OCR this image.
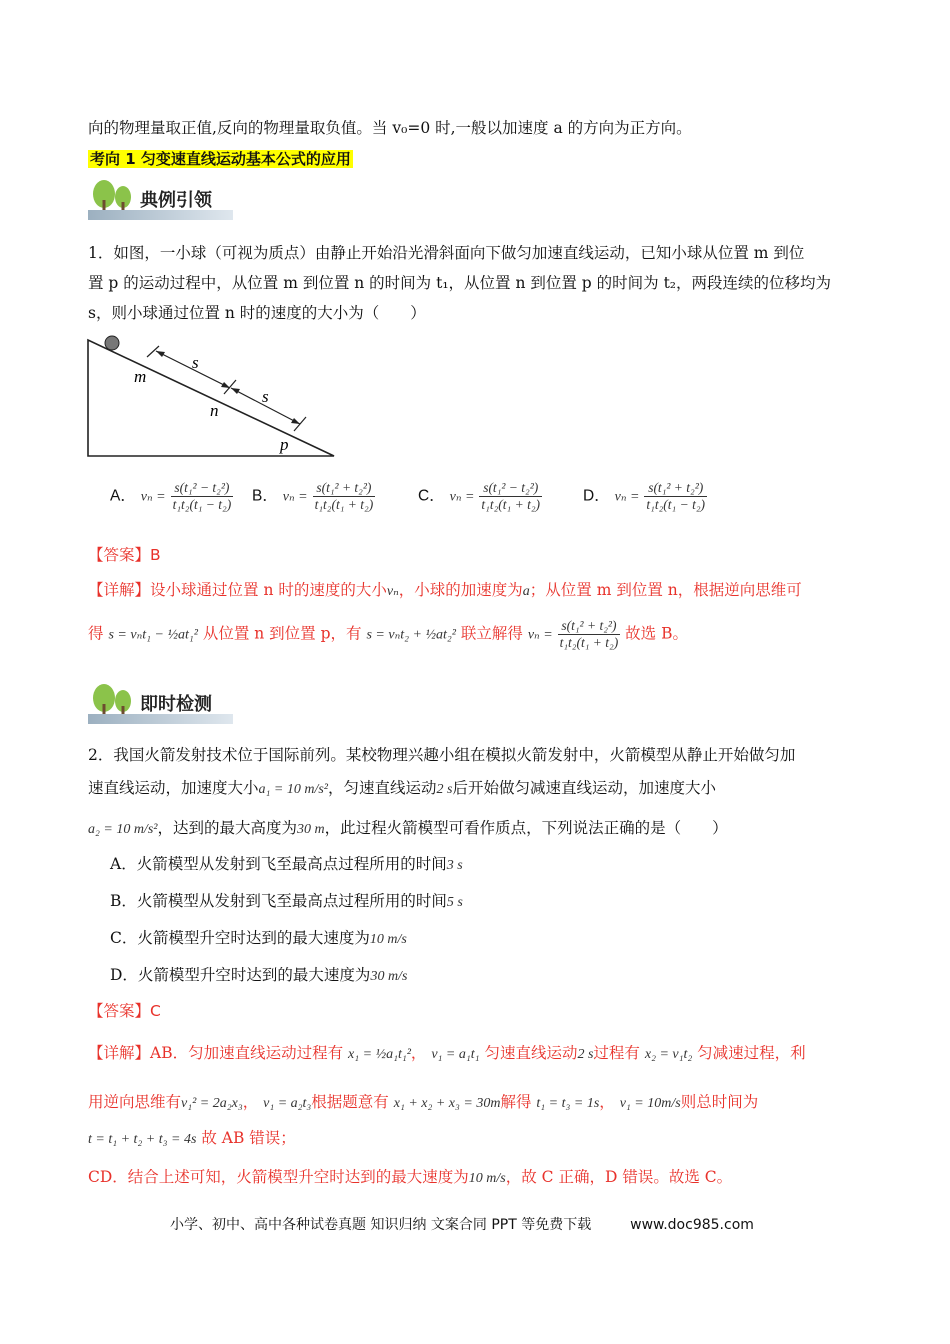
向的物理量取正值,反向的物理量取负值。当 v₀=0 时,一般以加速度 a 的方向为正方向。
考向 1 匀变速直线运动基本公式的应用
典例引领
1．如图，一小球（可视为质点）由静止开始沿光滑斜面向下做匀加速直线运动，已知小球从位置 m 到位
置 p 的运动过程中，从位置 m 到位置 n 的时间为 t₁，从位置 n 到位置 p 的时间为 t₂，两段连续的位移均为
s，则小球通过位置 n 时的速度的大小为（　　）
m
s
n
s
p
A． $v_n = \frac{\text{s(t₁² − t₂²)}}{\text{t₁t₂(t₁ − t₂)}}$ B． $v_n = \frac{\text{s(t₁² + t₂²)}}{\text{t₁t₂(t₁ + t₂)}}$	C． $v_n = \frac{\text{s(t₁² − t₂²)}}{\text{t₁t₂(t₁ + t₂)}}$	D． $v_n = \frac{\text{s(t₁² + t₂²)}}{\text{t₁t₂(t₁ − t₂)}}$
【答案】B
【详解】设小球通过位置 n 时的速度的大小vₙ，小球的加速度为a；从位置 m 到位置 n，根据逆向思维可
得 s = vₙt₁ − ½at₁² 从位置 n 到位置 p，有 s = vₙt₂ + ½at₂² 联立解得 $v_n = \frac{\text{s(t₁² + t₂²)}}{\text{t₁t₂(t₁ + t₂)}}$ 故选 B。
即时检测
2．我国火箭发射技术位于国际前列。某校物理兴趣小组在模拟火箭发射中，火箭模型从静止开始做匀加
速直线运动，加速度大小a₁ = 10 m/s²，匀速直线运动2 s后开始做匀减速直线运动，加速度大小
a₂ = 10 m/s²，达到的最大高度为30 m，此过程火箭模型可看作质点，下列说法正确的是（　　）
A．火箭模型从发射到飞至最高点过程所用的时间3 s
B．火箭模型从发射到飞至最高点过程所用的时间5 s
C．火箭模型升空时达到的最大速度为10 m/s
D．火箭模型升空时达到的最大速度为30 m/s
【答案】C
【详解】AB．匀加速直线运动过程有 x₁ = ½a₁t₁²， v₁ = a₁t₁ 匀速直线运动2 s过程有 x₂ = v₁t₂ 匀减速过程，利
用逆向思维有v₁² = 2a₂x₃， v₁ = a₂t₃根据题意有 x₁ + x₂ + x₃ = 30m解得 t₁ = t₃ = 1s， v₁ = 10m/s则总时间为
t = t₁ + t₂ + t₃ = 4s 故 AB 错误；
CD．结合上述可知，火箭模型升空时达到的最大速度为10 m/s，故 C 正确，D 错误。故选 C。
小学、初中、高中各种试卷真题 知识归纳 文案合同 PPT 等免费下载	www.doc985.com
